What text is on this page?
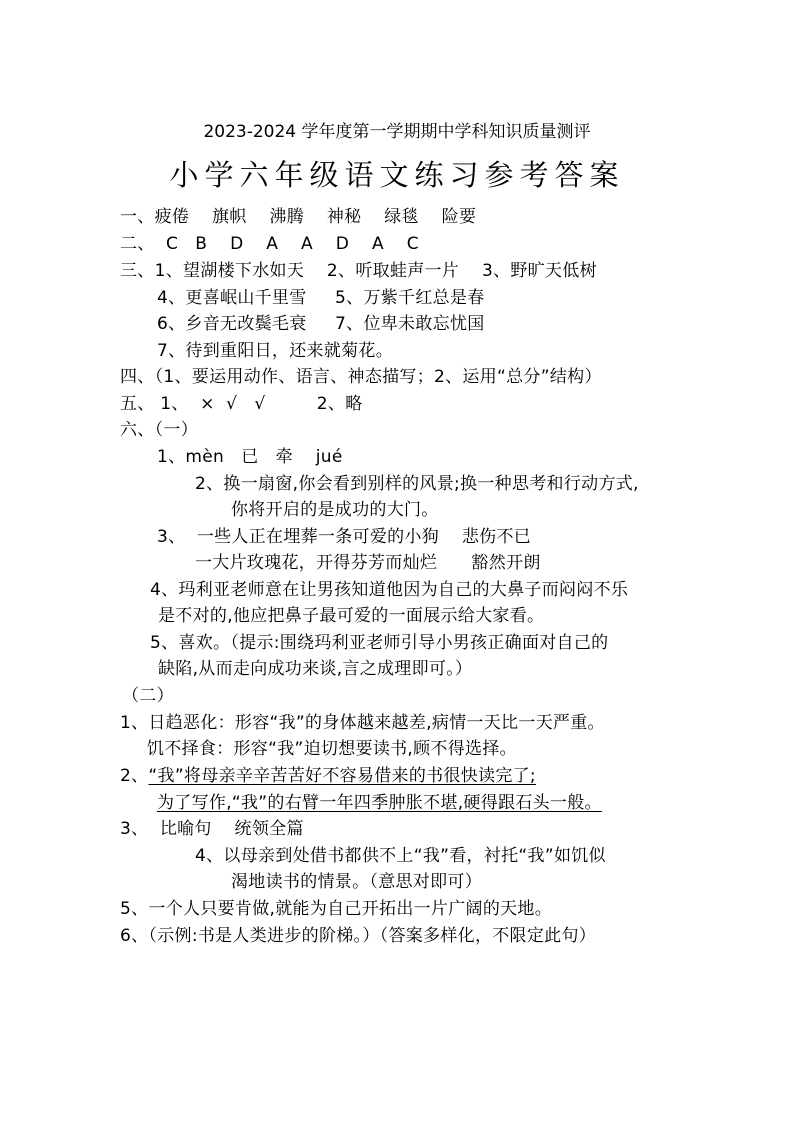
2023-2024 学年度第一学期期中学科知识质量测评
小学六年级语文练习参考答案
一、疲倦    旗帜    沸腾    神秘    绿毯    险要
二、  C   B    D    A    A    D    A    C
三、1、望湖楼下水如天    2、听取蛙声一片    3、野旷天低树
4、更喜岷山千里雪     5、万紫千红总是春
6、乡音无改鬓毛衰     7、位卑未敢忘忧国
7、待到重阳日，还来就菊花。
四、（1、要运用动作、语言、神态描写；2、运用“总分”结构）
五、 1、  ×  √   √         2、略
六、（一）
1、mèn   已   牵    jué
2、换一扇窗,你会看到别样的风景;换一种思考和行动方式,
你将开启的是成功的大门。
3、  一些人正在埋葬一条可爱的小狗    悲伤不已
一大片玫瑰花，开得芬芳而灿烂      豁然开朗
4、玛利亚老师意在让男孩知道他因为自己的大鼻子而闷闷不乐
是不对的,他应把鼻子最可爱的一面展示给大家看。
5、喜欢。（提示:围绕玛利亚老师引导小男孩正确面对自己的
缺陷,从而走向成功来谈,言之成理即可。）
（二）
1、日趋恶化：形容“我”的身体越来越差,病情一天比一天严重。
饥不择食：形容“我”迫切想要读书,顾不得选择。
2、“我”将母亲辛辛苦苦好不容易借来的书很快读完了;
为了写作,“我”的右臂一年四季肿胀不堪,硬得跟石头一般。
3、  比喻句    统领全篇
4、以母亲到处借书都供不上“我”看，衬托“我”如饥似
渴地读书的情景。（意思对即可）
5、一个人只要肯做,就能为自己开拓出一片广阔的天地。
6、（示例:书是人类进步的阶梯。）（答案多样化，不限定此句）
